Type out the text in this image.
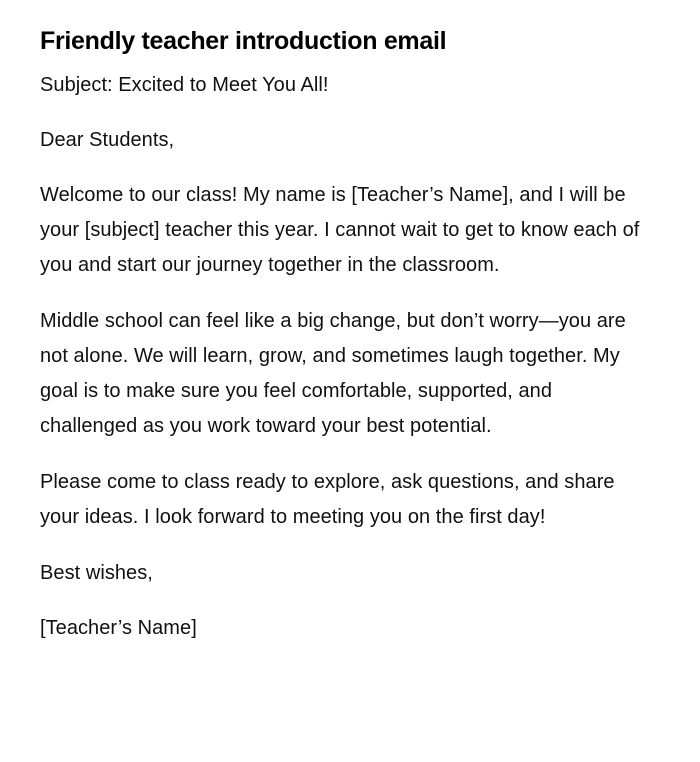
Friendly teacher introduction email

Subject: Excited to Meet You All!

Dear Students,

Welcome to our class! My name is [Teacher’s Name], and I will be your [subject] teacher this year. I cannot wait to get to know each of you and start our journey together in the classroom.

Middle school can feel like a big change, but don’t worry—you are not alone. We will learn, grow, and sometimes laugh together. My goal is to make sure you feel comfortable, supported, and challenged as you work toward your best potential.

Please come to class ready to explore, ask questions, and share your ideas. I look forward to meeting you on the first day!

Best wishes,

[Teacher’s Name]
